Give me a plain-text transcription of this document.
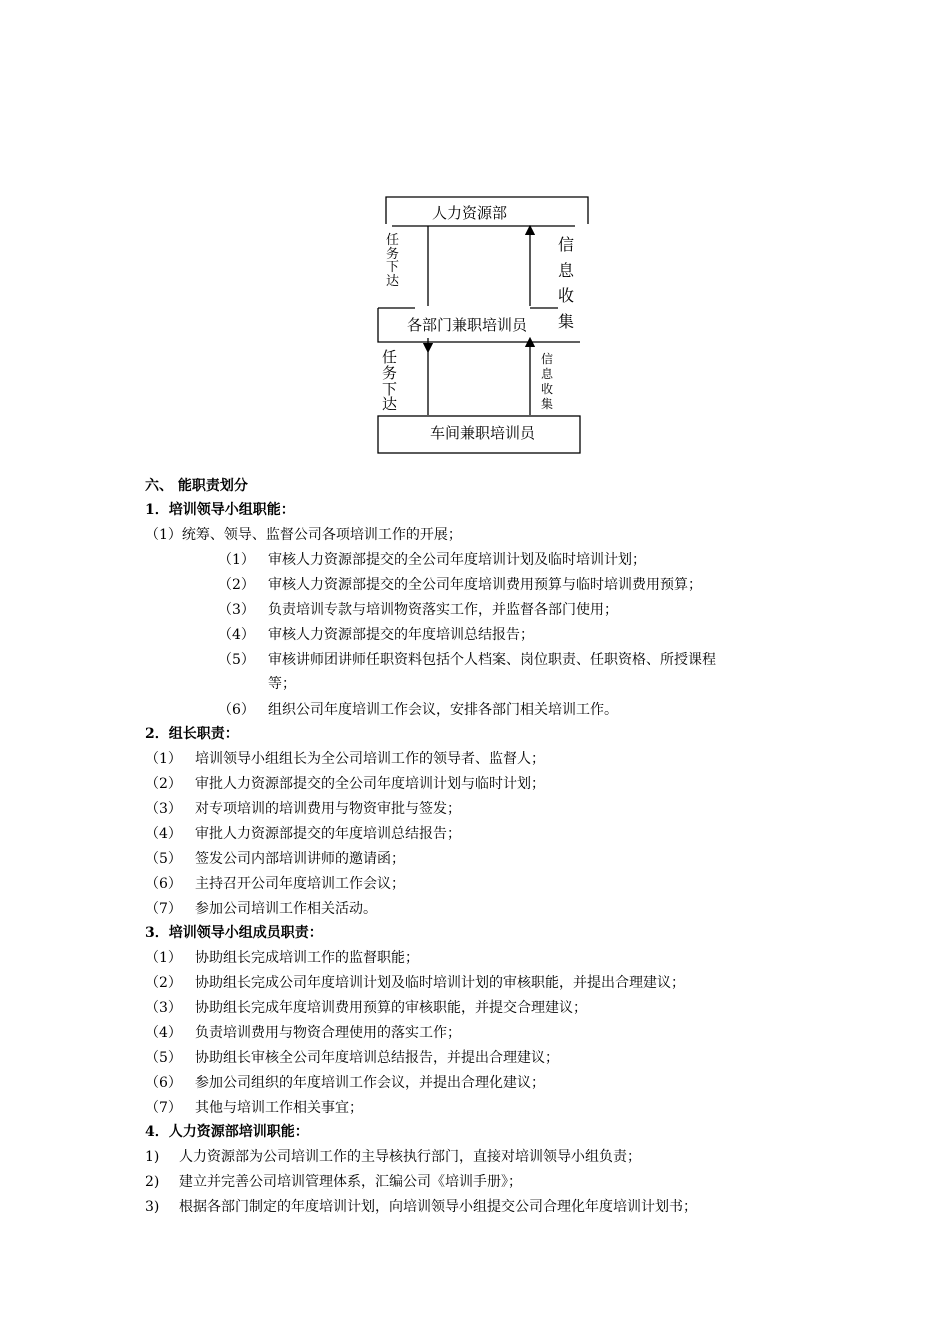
人力资源部
各部门兼职培训员
车间兼职培训员
任
务
下
达
信
息
收
集
任
务
下
达
信
息
收
集
六、 能职责划分
1．培训领导小组职能：
（1）统筹、领导、监督公司各项培训工作的开展；
（1） 审核人力资源部提交的全公司年度培训计划及临时培训计划；
（2） 审核人力资源部提交的全公司年度培训费用预算与临时培训费用预算；
（3） 负责培训专款与培训物资落实工作，并监督各部门使用；
（4） 审核人力资源部提交的年度培训总结报告；
（5） 审核讲师团讲师任职资料包括个人档案、岗位职责、任职资格、所授课程
等；
（6） 组织公司年度培训工作会议，安排各部门相关培训工作。
2．组长职责：
（1） 培训领导小组组长为全公司培训工作的领导者、监督人；
（2） 审批人力资源部提交的全公司年度培训计划与临时计划；
（3） 对专项培训的培训费用与物资审批与签发；
（4） 审批人力资源部提交的年度培训总结报告；
（5） 签发公司内部培训讲师的邀请函；
（6） 主持召开公司年度培训工作会议；
（7） 参加公司培训工作相关活动。
3．培训领导小组成员职责：
（1） 协助组长完成培训工作的监督职能；
（2） 协助组长完成公司年度培训计划及临时培训计划的审核职能，并提出合理建议；
（3） 协助组长完成年度培训费用预算的审核职能，并提交合理建议；
（4） 负责培训费用与物资合理使用的落实工作；
（5） 协助组长审核全公司年度培训总结报告，并提出合理建议；
（6） 参加公司组织的年度培训工作会议，并提出合理化建议；
（7） 其他与培训工作相关事宜；
4．人力资源部培训职能：
1) 人力资源部为公司培训工作的主导核执行部门，直接对培训领导小组负责；
2) 建立并完善公司培训管理体系，汇编公司《培训手册》；
3) 根据各部门制定的年度培训计划，向培训领导小组提交公司合理化年度培训计划书；
